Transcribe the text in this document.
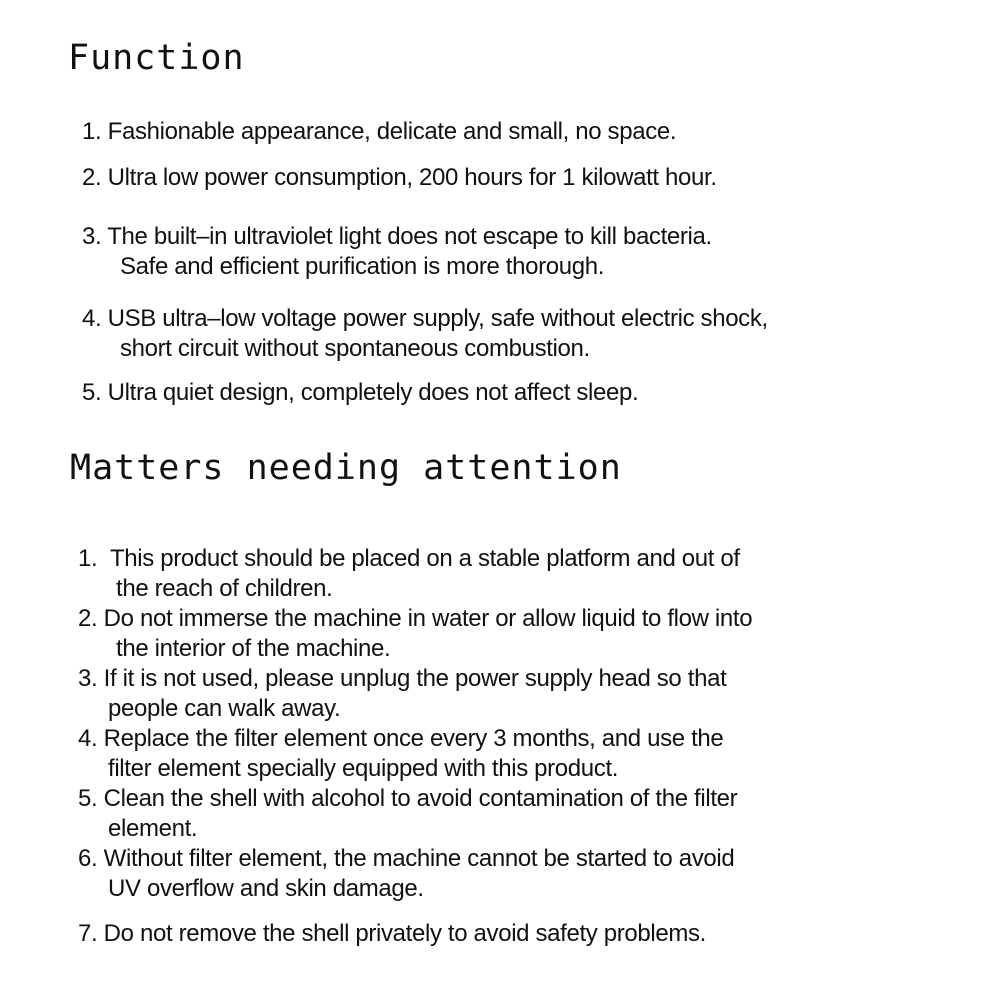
Function

1. Fashionable appearance, delicate and small, no space.

2. Ultra low power consumption, 200 hours for 1 kilowatt hour.

3. The built–in ultraviolet light does not escape to kill bacteria.

Safe and efficient purification is more thorough.

4. USB ultra–low voltage power supply, safe without electric shock,

short circuit without spontaneous combustion.

5. Ultra quiet design, completely does not affect sleep.

Matters needing attention

1. This product should be placed on a stable platform and out of

the reach of children.

2. Do not immerse the machine in water or allow liquid to flow into

the interior of the machine.

3. If it is not used, please unplug the power supply head so that

people can walk away.

4. Replace the filter element once every 3 months, and use the

filter element specially equipped with this product.

5. Clean the shell with alcohol to avoid contamination of the filter

element.

6. Without filter element, the machine cannot be started to avoid

UV overflow and skin damage.

7. Do not remove the shell privately to avoid safety problems.
